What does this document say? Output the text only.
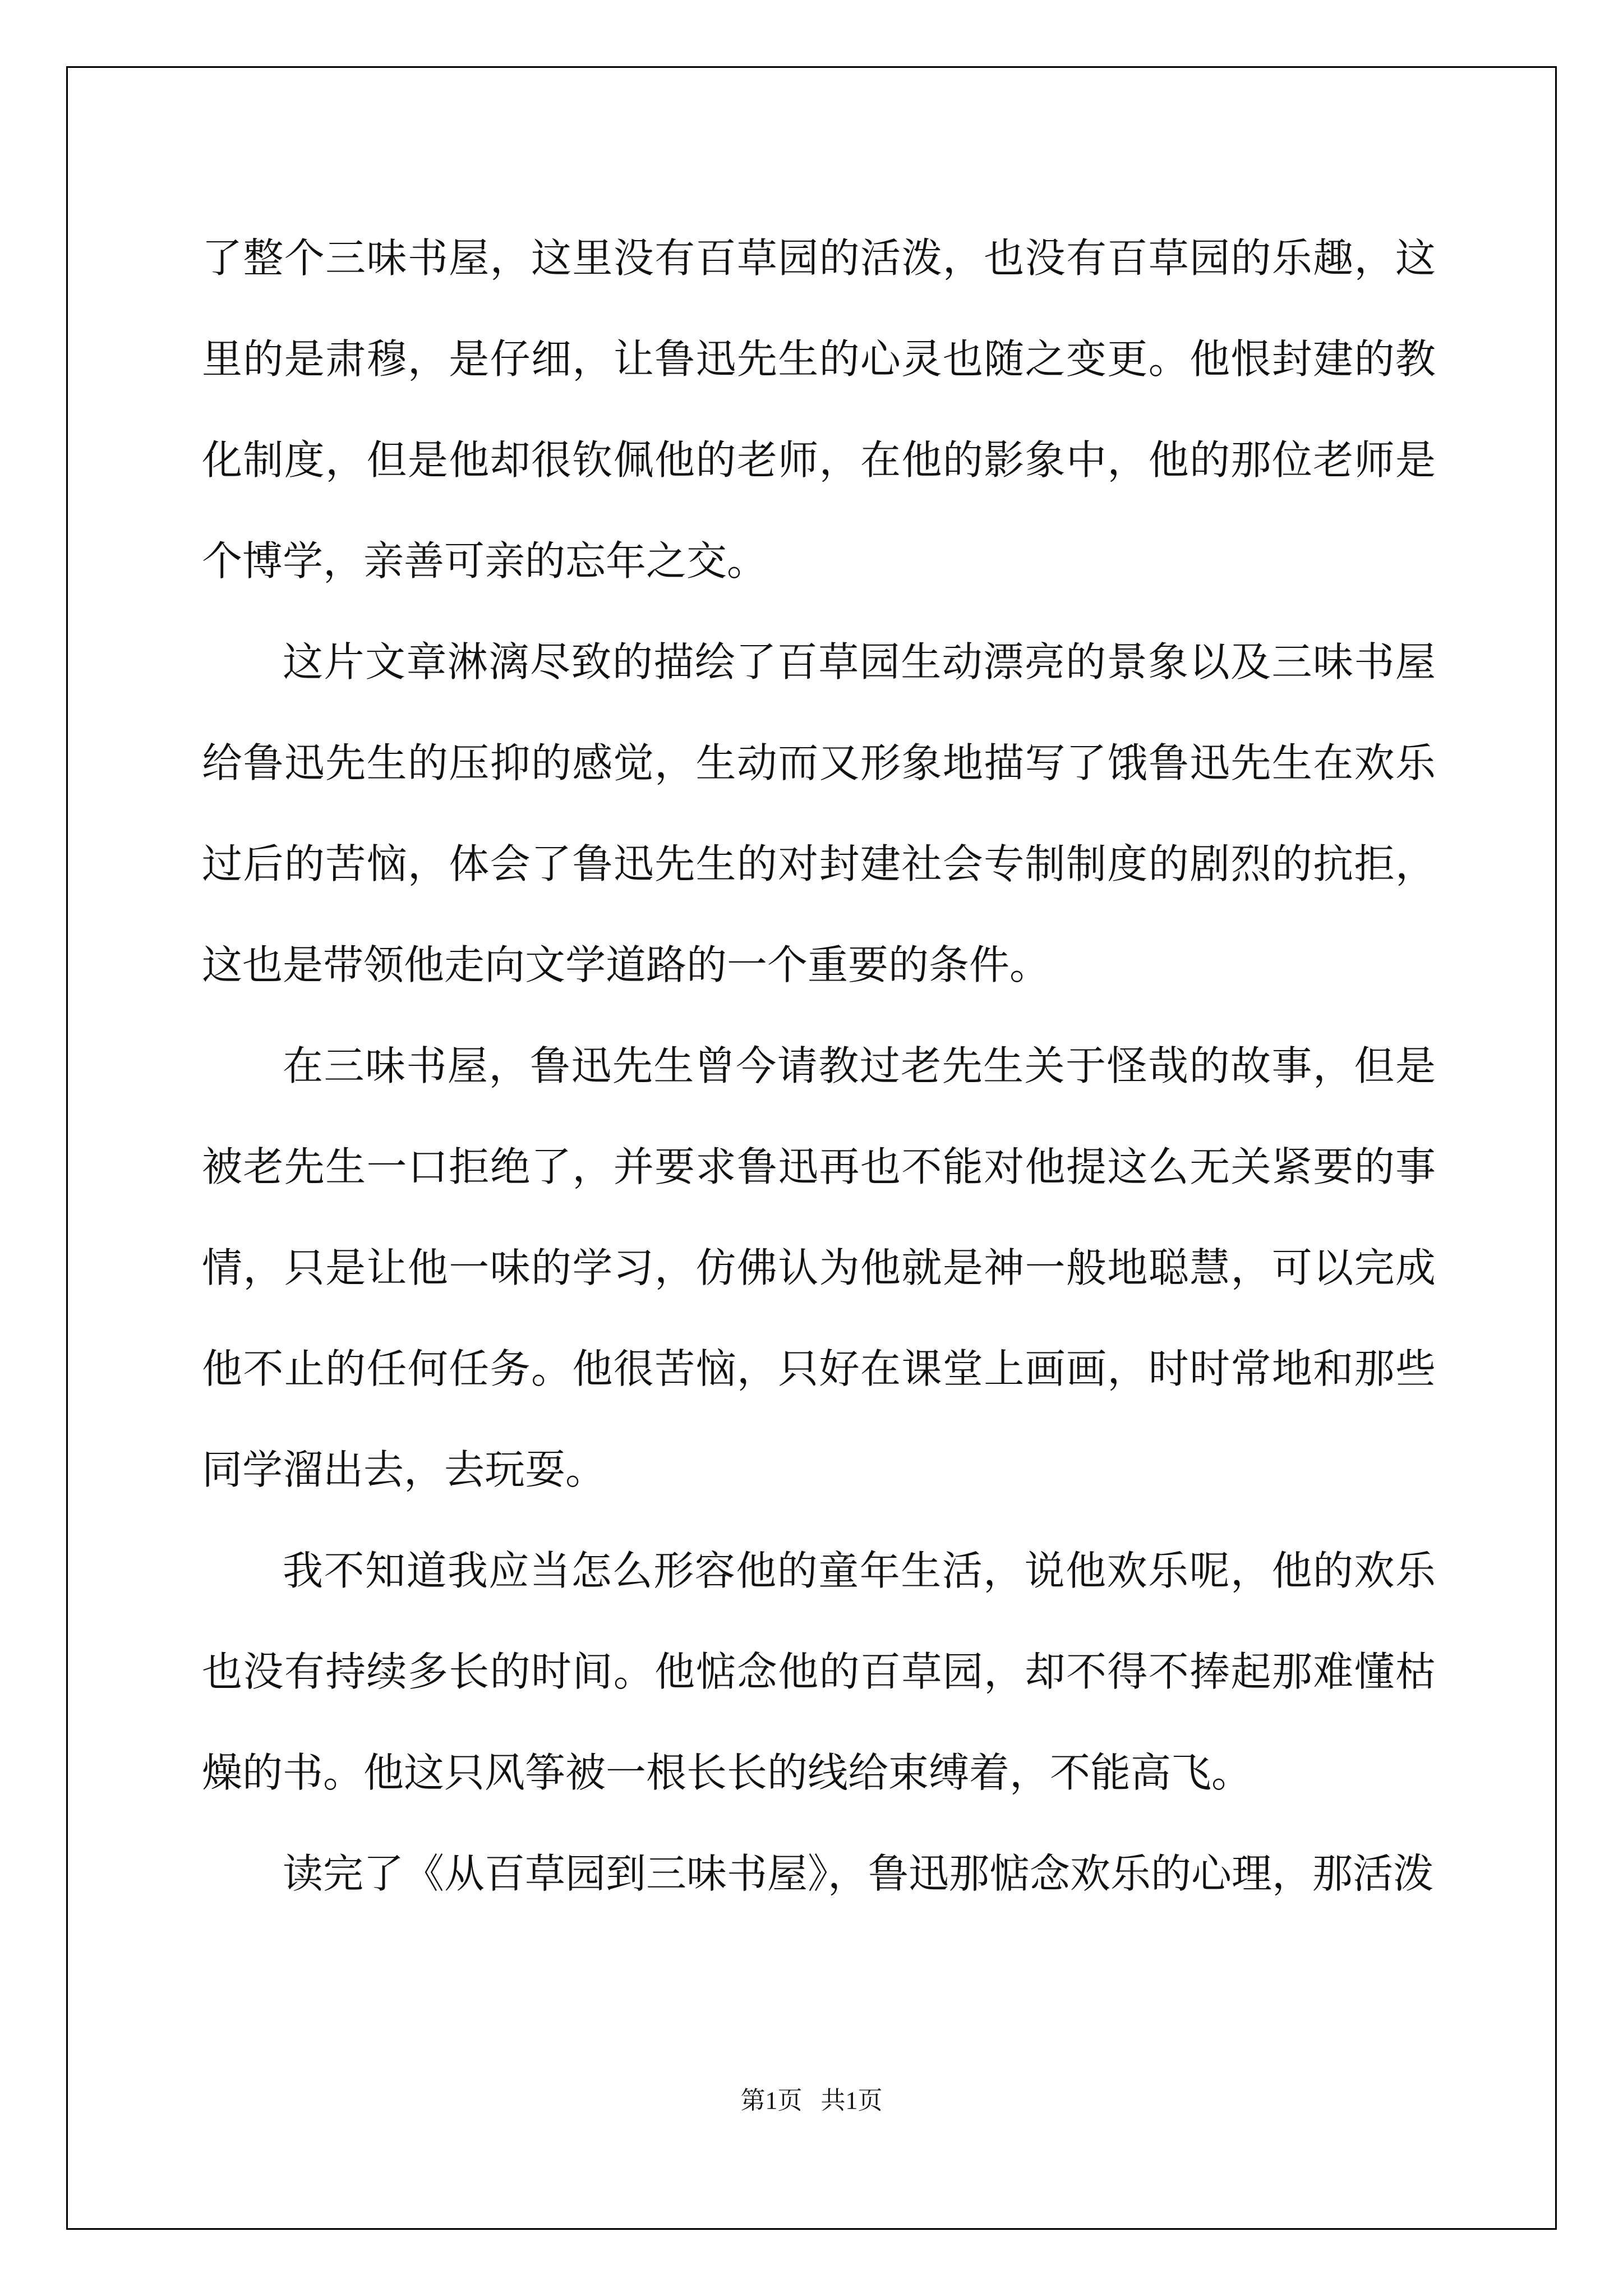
了整个三味书屋，这里没有百草园的活泼，也没有百草园的乐趣，这里的是肃穆，是仔细，让鲁迅先生的心灵也随之变更。他恨封建的教化制度，但是他却很钦佩他的老师，在他的影象中，他的那位老师是个博学，亲善可亲的忘年之交。

这片文章淋漓尽致的描绘了百草园生动漂亮的景象以及三味书屋给鲁迅先生的压抑的感觉，生动而又形象地描写了饿鲁迅先生在欢乐过后的苦恼，体会了鲁迅先生的对封建社会专制制度的剧烈的抗拒，这也是带领他走向文学道路的一个重要的条件。

在三味书屋，鲁迅先生曾今请教过老先生关于怪哉的故事，但是被老先生一口拒绝了，并要求鲁迅再也不能对他提这么无关紧要的事情，只是让他一味的学习，仿佛认为他就是神一般地聪慧，可以完成他不止的任何任务。他很苦恼，只好在课堂上画画，时时常地和那些同学溜出去，去玩耍。

我不知道我应当怎么形容他的童年生活，说他欢乐呢，他的欢乐也没有持续多长的时间。他惦念他的百草园，却不得不捧起那难懂枯燥的书。他这只风筝被一根长长的线给束缚着，不能高飞。

读完了《从百草园到三味书屋》，鲁迅那惦念欢乐的心理，那活泼

第1页   共1页
